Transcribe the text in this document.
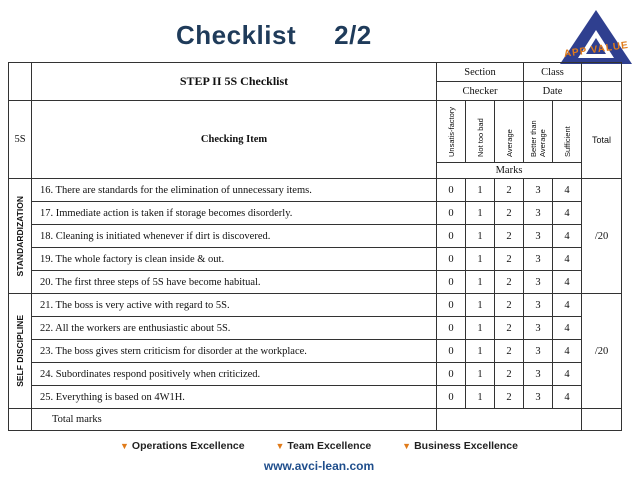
Checklist 2/2	APP VALUE
	STEP II 5S Checklist	Section			Class		
		Checker			Date		
5S	Checking Item	Unsatis-factory	Not too bad	Average	Better than Average	Sufficient	Total
		Marks					

STANDARDIZATION	16. There are standards for the elimination of unnecessary items.	0	1	2	3	4	/20
	17. Immediate action is taken if storage becomes disorderly.	0	1	2	3	4	
	18. Cleaning is initiated whenever if dirt is discovered.	0	1	2	3	4	
	19. The whole factory is clean inside & out.	0	1	2	3	4	
	20. The first three steps of 5S have become habitual.	0	1	2	3	4	

SELF DISCIPLINE	21. The boss is very active with regard to 5S.	0	1	2	3	4	/20
	22. All the workers are enthusiastic about 5S.	0	1	2	3	4	
	23. The boss gives stern criticism for disorder at the workplace.	0	1	2	3	4	
	24. Subordinates respond positively when criticized.	0	1	2	3	4	
	25. Everything is based on 4W1H.	0	1	2	3	4	
	Total marks						
▼ Operations Excellence	▼ Team Excellence	▼ Business Excellence
www.avci-lean.com
